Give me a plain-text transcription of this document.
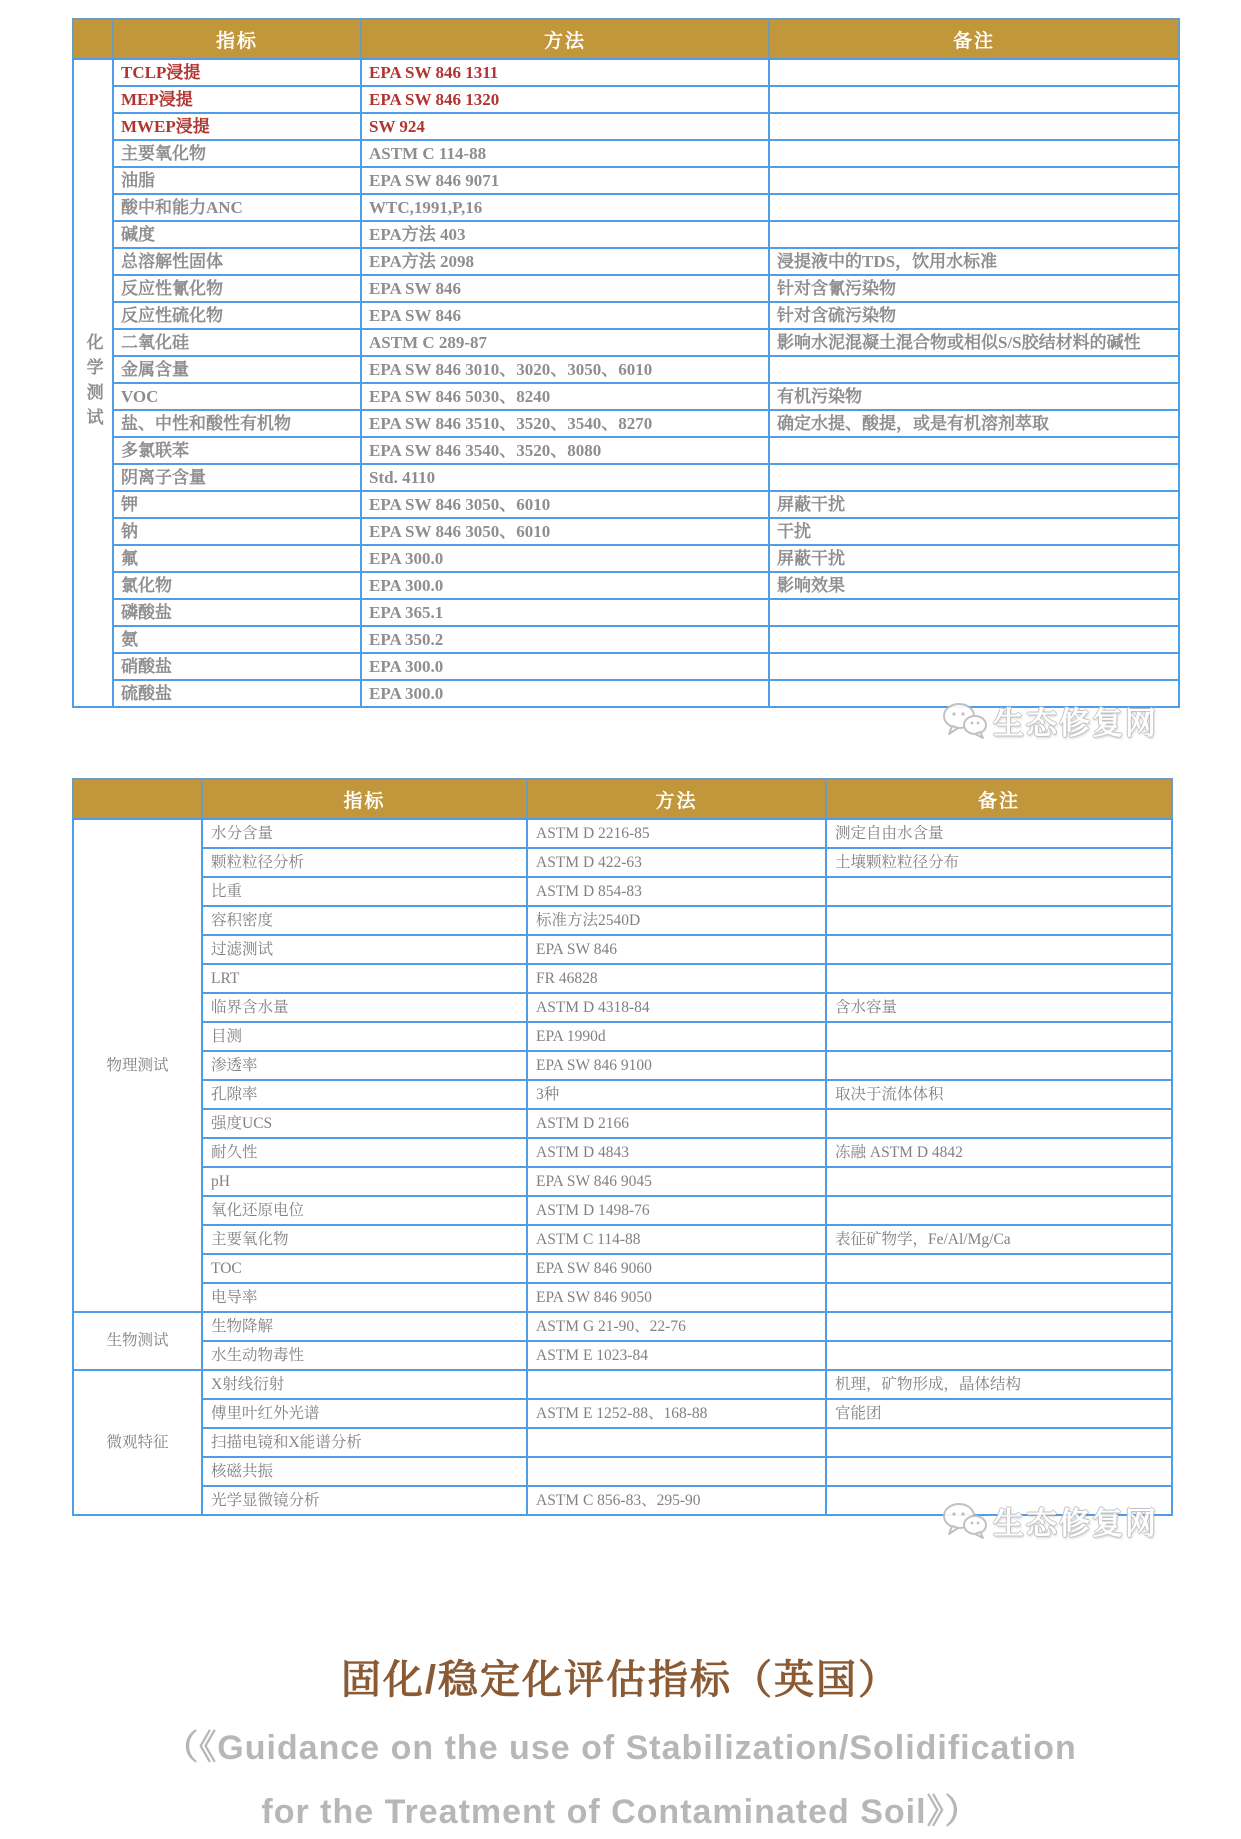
	指标	方法	备注
化学测试	TCLP浸提	EPA SW 846 1311	
	MEP浸提	EPA SW 846 1320	
	MWEP浸提	SW 924	
	主要氧化物	ASTM C 114-88	
	油脂	EPA SW 846 9071	
	酸中和能力ANC	WTC,1991,P,16	
	碱度	EPA方法 403	
	总溶解性固体	EPA方法 2098	浸提液中的TDS，饮用水标准
	反应性氰化物	EPA SW 846	针对含氰污染物
	反应性硫化物	EPA SW 846	针对含硫污染物
	二氧化硅	ASTM C 289-87	影响水泥混凝土混合物或相似S/S胶结材料的碱性
	金属含量	EPA SW 846 3010、3020、3050、6010	
	VOC	EPA SW 846 5030、8240	有机污染物
	盐、中性和酸性有机物	EPA SW 846 3510、3520、3540、8270	确定水提、酸提，或是有机溶剂萃取
	多氯联苯	EPA SW 846 3540、3520、8080	
	阴离子含量	Std. 4110	
	钾	EPA SW 846 3050、6010	屏蔽干扰
	钠	EPA SW 846 3050、6010	干扰
	氟	EPA 300.0	屏蔽干扰
	氯化物	EPA 300.0	影响效果
	磷酸盐	EPA 365.1	
	氨	EPA 350.2	
	硝酸盐	EPA 300.0	
	硫酸盐	EPA 300.0	
	指标	方法	备注
物理测试	水分含量	ASTM D 2216-85	测定自由水含量
	颗粒粒径分析	ASTM D 422-63	土壤颗粒粒径分布
	比重	ASTM D 854-83	
	容积密度	标准方法2540D	
	过滤测试	EPA SW 846	
	LRT	FR 46828	
	临界含水量	ASTM D 4318-84	含水容量
	目测	EPA 1990d	
	渗透率	EPA SW 846 9100	
	孔隙率	3种	取决于流体体积
	强度UCS	ASTM D 2166	
	耐久性	ASTM D 4843	冻融 ASTM D 4842
	pH	EPA SW 846 9045	
	氧化还原电位	ASTM D 1498-76	
	主要氧化物	ASTM C 114-88	表征矿物学，Fe/Al/Mg/Ca
	TOC	EPA SW 846 9060	
	电导率	EPA SW 846 9050	
生物测试	生物降解	ASTM G 21-90、22-76	
	水生动物毒性	ASTM E 1023-84	
微观特征	X射线衍射		机理，矿物形成，晶体结构
	傅里叶红外光谱	ASTM E 1252-88、168-88	官能团
	扫描电镜和X能谱分析		
	核磁共振		
	光学显微镜分析	ASTM C 856-83、295-90	
生态修复网
生态修复网
固化/稳定化评估指标（英国）
（《Guidance on the use of Stabilization/Solidification
for the Treatment of Contaminated Soil》）
